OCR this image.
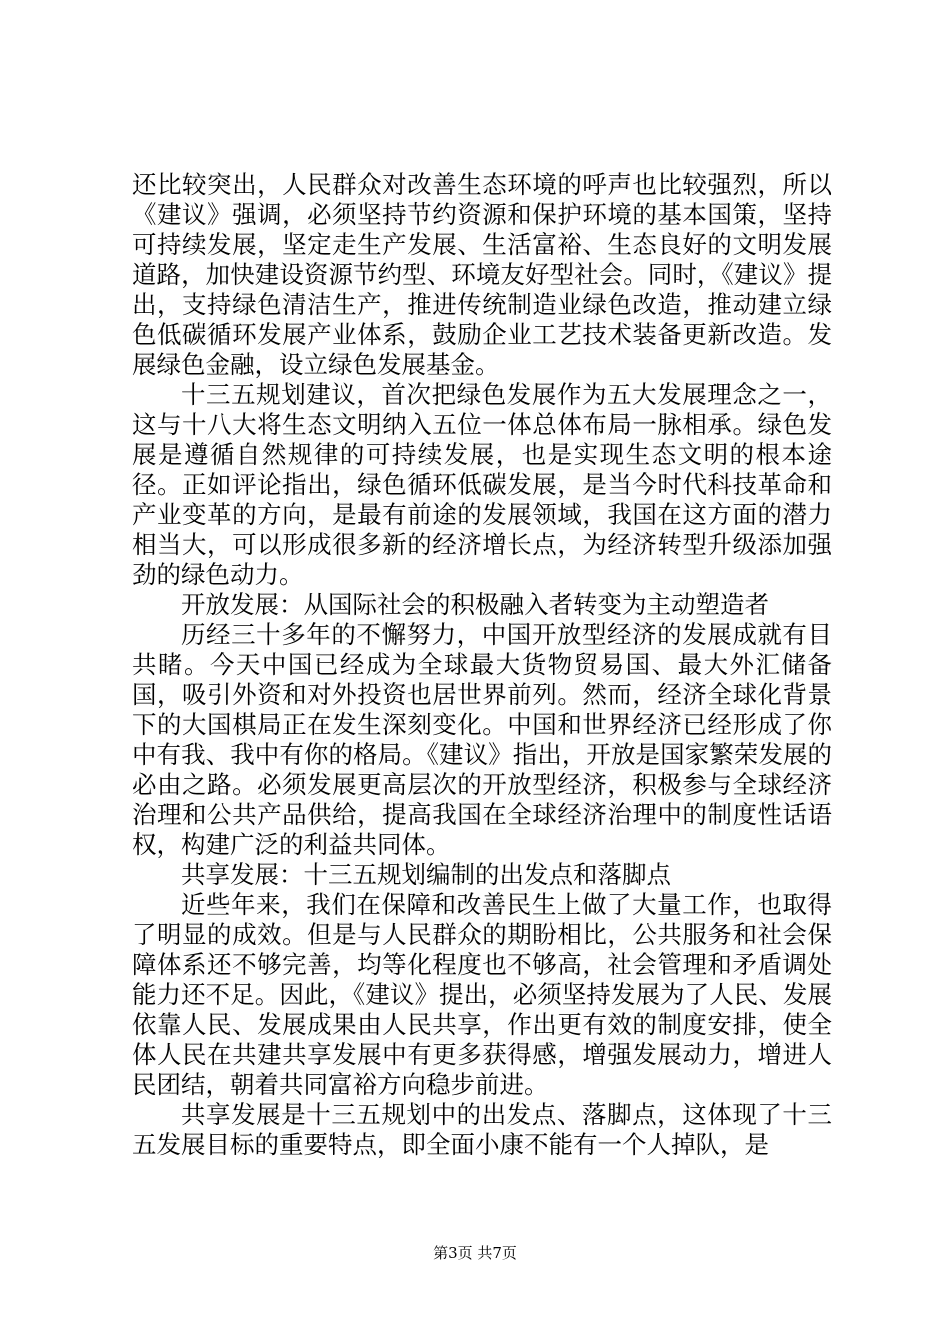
还比较突出，人民群众对改善生态环境的呼声也比较强烈，所以《建议》强调，必须坚持节约资源和保护环境的基本国策，坚持可持续发展，坚定走生产发展、生活富裕、生态良好的文明发展道路，加快建设资源节约型、环境友好型社会。同时，《建议》提出，支持绿色清洁生产，推进传统制造业绿色改造，推动建立绿色低碳循环发展产业体系，鼓励企业工艺技术装备更新改造。发展绿色金融，设立绿色发展基金。

十三五规划建议，首次把绿色发展作为五大发展理念之一，这与十八大将生态文明纳入五位一体总体布局一脉相承。绿色发展是遵循自然规律的可持续发展，也是实现生态文明的根本途径。正如评论指出，绿色循环低碳发展，是当今时代科技革命和产业变革的方向，是最有前途的发展领域，我国在这方面的潜力相当大，可以形成很多新的经济增长点，为经济转型升级添加强劲的绿色动力。

开放发展：从国际社会的积极融入者转变为主动塑造者

历经三十多年的不懈努力，中国开放型经济的发展成就有目共睹。今天中国已经成为全球最大货物贸易国、最大外汇储备国，吸引外资和对外投资也居世界前列。然而，经济全球化背景下的大国棋局正在发生深刻变化。中国和世界经济已经形成了你中有我、我中有你的格局。《建议》指出，开放是国家繁荣发展的必由之路。必须发展更高层次的开放型经济，积极参与全球经济治理和公共产品供给，提高我国在全球经济治理中的制度性话语权，构建广泛的利益共同体。

共享发展：十三五规划编制的出发点和落脚点

近些年来，我们在保障和改善民生上做了大量工作，也取得了明显的成效。但是与人民群众的期盼相比，公共服务和社会保障体系还不够完善，均等化程度也不够高，社会管理和矛盾调处能力还不足。因此，《建议》提出，必须坚持发展为了人民、发展依靠人民、发展成果由人民共享，作出更有效的制度安排，使全体人民在共建共享发展中有更多获得感，增强发展动力，增进人民团结，朝着共同富裕方向稳步前进。

共享发展是十三五规划中的出发点、落脚点，这体现了十三五发展目标的重要特点，即全面小康不能有一个人掉队，是

第3页 共7页
